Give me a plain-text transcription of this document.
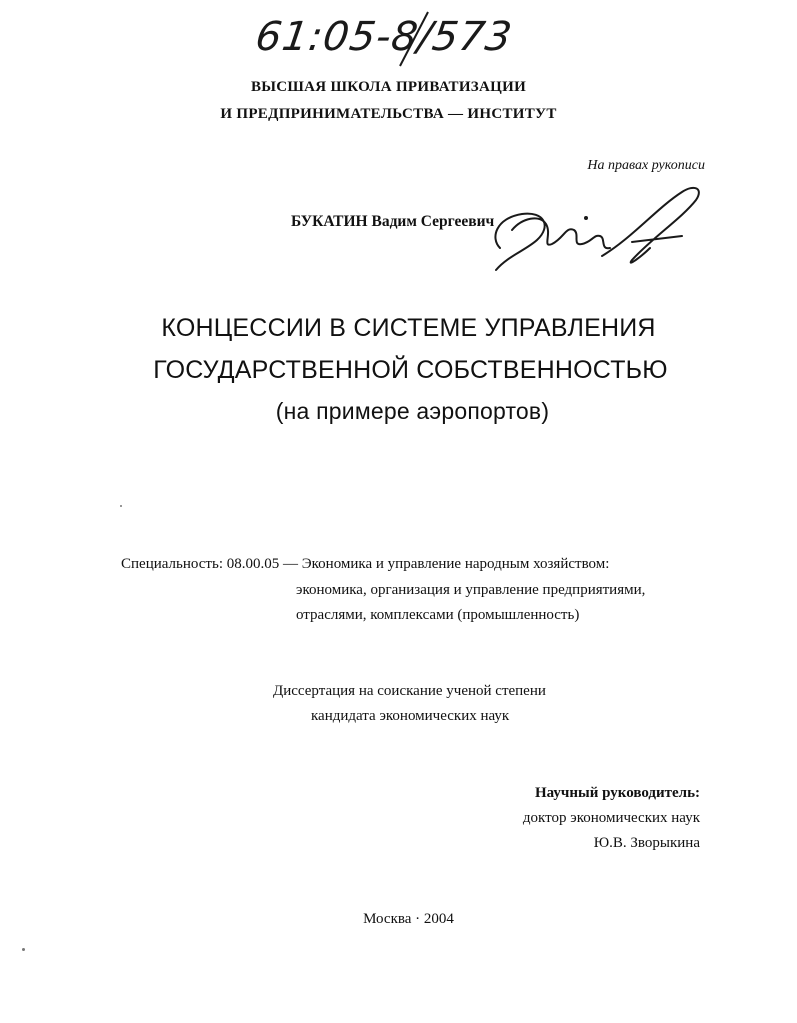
61:05-8/573
ВЫСШАЯ ШКОЛА ПРИВАТИЗАЦИИ
И ПРЕДПРИНИМАТЕЛЬСТВА — ИНСТИТУТ
На правах рукописи
БУКАТИН Вадим Сергеевич
КОНЦЕССИИ В СИСТЕМЕ УПРАВЛЕНИЯ
ГОСУДАРСТВЕННОЙ СОБСТВЕННОСТЬЮ
(на примере аэропортов)
Специальность: 08.00.05 — Экономика и управление народным хозяйством:
экономика, организация и управление предприятиями,
отраслями, комплексами (промышленность)
Диссертация на соискание ученой степени
кандидата экономических наук
Научный руководитель:
доктор экономических наук
Ю.В. Зворыкина
Москва · 2004
